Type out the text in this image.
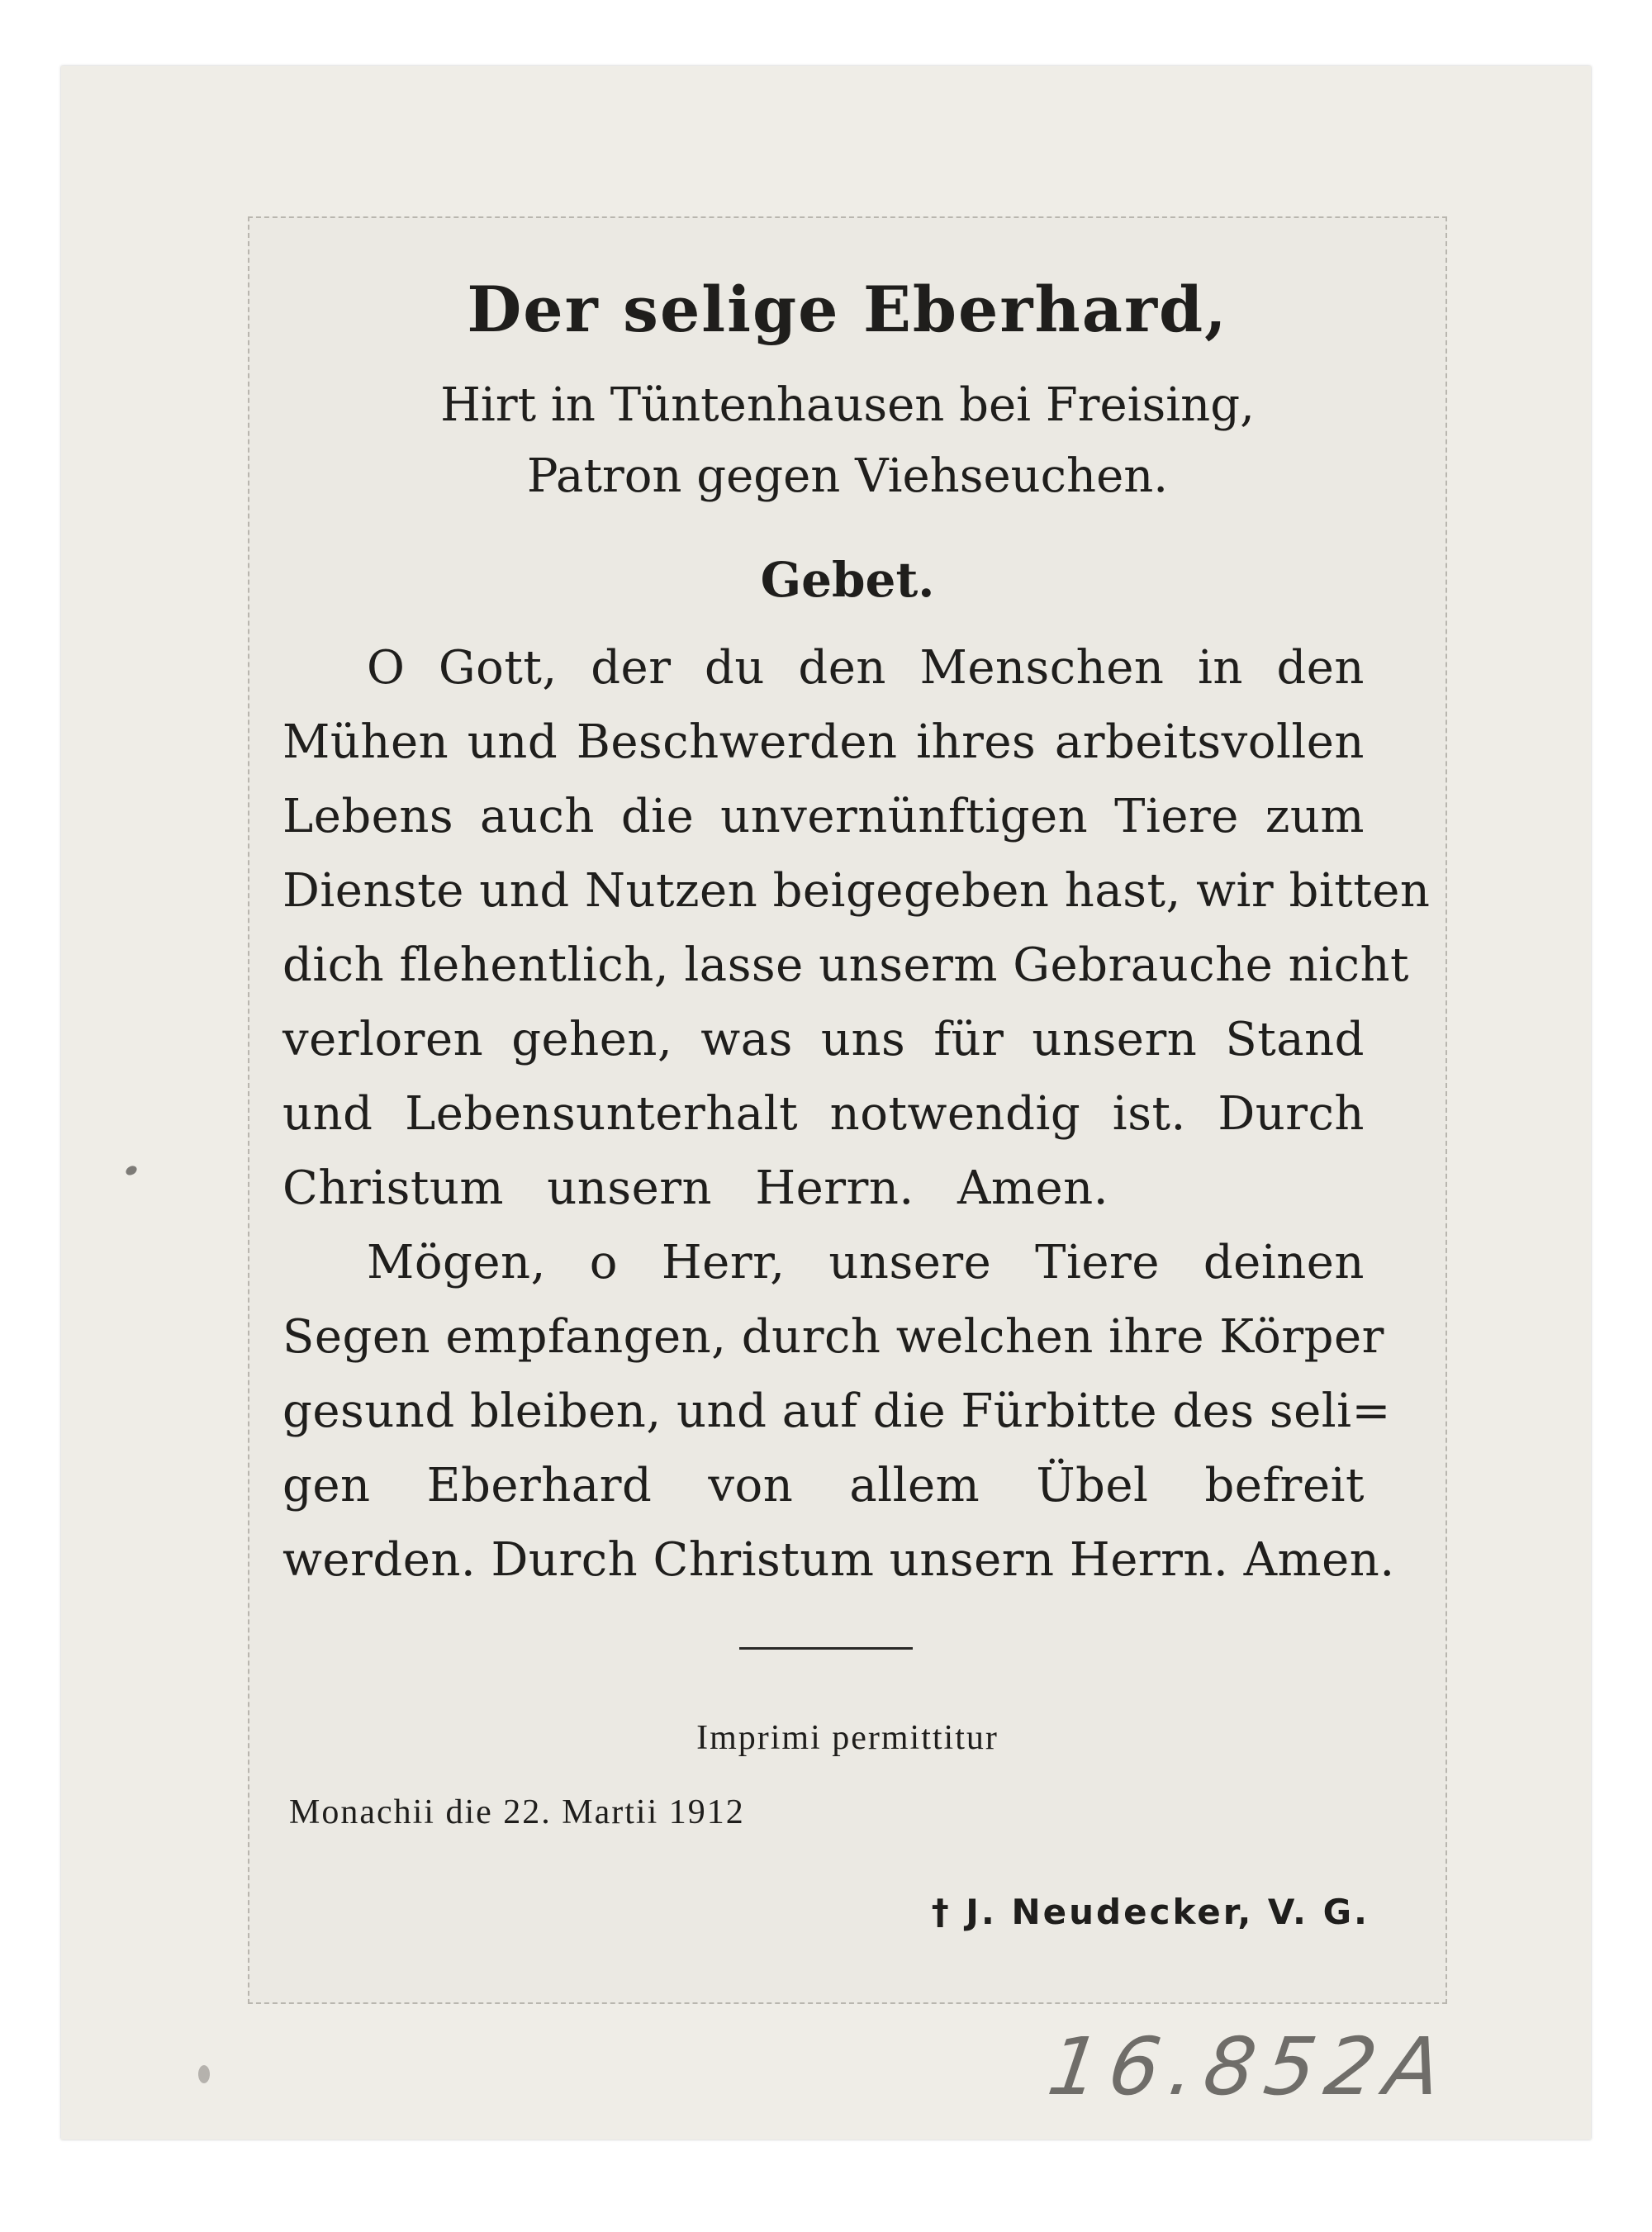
Der selige Eberhard,
Hirt in Tüntenhausen bei Freising,
Patron gegen Viehseuchen.
Gebet.
O Gott, der du den Menschen in den
Mühen und Beschwerden ihres arbeitsvollen
Lebens auch die unvernünftigen Tiere zum
Dienste und Nutzen beigegeben hast, wir bitten
dich flehentlich, lasse unserm Gebrauche nicht
verloren gehen, was uns für unsern Stand
und Lebensunterhalt notwendig ist. Durch
Christum unsern Herrn. Amen.
Mögen, o Herr, unsere Tiere deinen
Segen empfangen, durch welchen ihre Körper
gesund bleiben, und auf die Fürbitte des seli=
gen Eberhard von allem Übel befreit
werden. Durch Christum unsern Herrn. Amen.
Imprimi permittitur
Monachii die 22. Martii 1912
† J. Neudecker, V. G.
16.852A
